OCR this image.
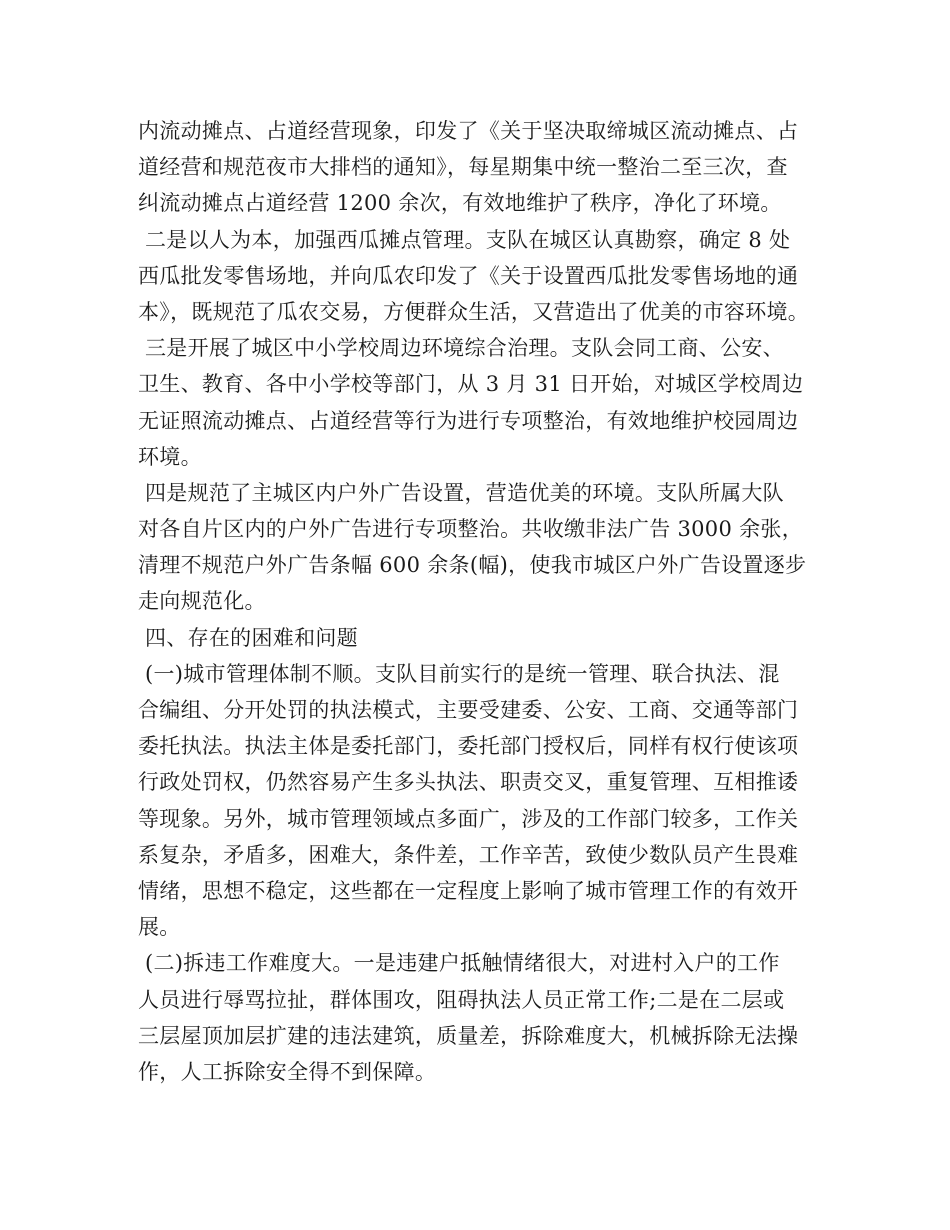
内流动摊点、占道经营现象，印发了《关于坚决取缔城区流动摊点、占
道经营和规范夜市大排档的通知》，每星期集中统一整治二至三次，查
纠流动摊点占道经营 1200 余次，有效地维护了秩序，净化了环境。
二是以人为本，加强西瓜摊点管理。支队在城区认真勘察，确定 8 处
西瓜批发零售场地，并向瓜农印发了《关于设置西瓜批发零售场地的通
本》，既规范了瓜农交易，方便群众生活，又营造出了优美的市容环境。
三是开展了城区中小学校周边环境综合治理。支队会同工商、公安、
卫生、教育、各中小学校等部门，从 3 月 31 日开始，对城区学校周边
无证照流动摊点、占道经营等行为进行专项整治，有效地维护校园周边
环境。
四是规范了主城区内户外广告设置，营造优美的环境。支队所属大队
对各自片区内的户外广告进行专项整治。共收缴非法广告 3000 余张，
清理不规范户外广告条幅 600 余条(幅)，使我市城区户外广告设置逐步
走向规范化。
四、存在的困难和问题
(一)城市管理体制不顺。支队目前实行的是统一管理、联合执法、混
合编组、分开处罚的执法模式，主要受建委、公安、工商、交通等部门
委托执法。执法主体是委托部门，委托部门授权后，同样有权行使该项
行政处罚权，仍然容易产生多头执法、职责交叉，重复管理、互相推诿
等现象。另外，城市管理领域点多面广，涉及的工作部门较多，工作关
系复杂，矛盾多，困难大，条件差，工作辛苦，致使少数队员产生畏难
情绪，思想不稳定，这些都在一定程度上影响了城市管理工作的有效开
展。
(二)拆违工作难度大。一是违建户抵触情绪很大，对进村入户的工作
人员进行辱骂拉扯，群体围攻，阻碍执法人员正常工作;二是在二层或
三层屋顶加层扩建的违法建筑，质量差，拆除难度大，机械拆除无法操
作，人工拆除安全得不到保障。
